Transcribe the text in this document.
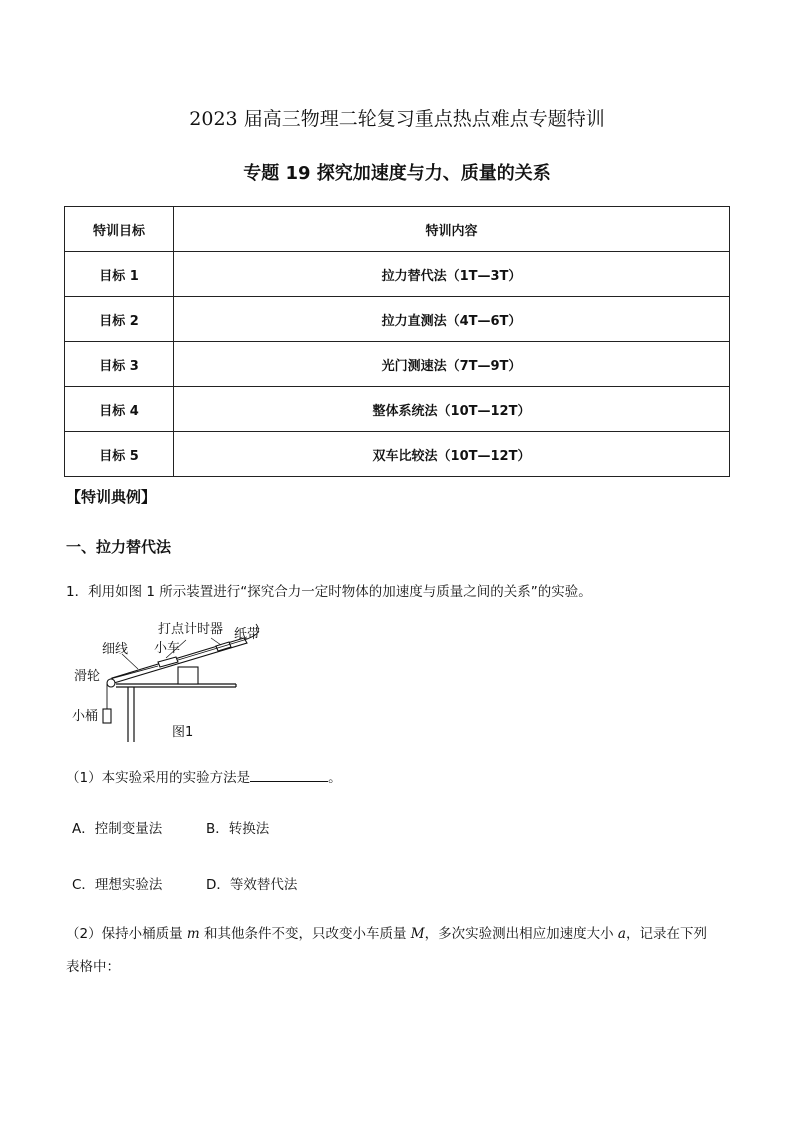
2023 届高三物理二轮复习重点热点难点专题特训
专题 19 探究加速度与力、质量的关系
特训目标	特训内容
目标 1	拉力替代法（1T—3T）
目标 2	拉力直测法（4T—6T）
目标 3	光门测速法（7T—9T）
目标 4	整体系统法（10T—12T）
目标 5	双车比较法（10T—12T）
【特训典例】
一、拉力替代法
1．利用如图 1 所示装置进行“探究合力一定时物体的加速度与质量之间的关系”的实验。
打点计时器 纸带
细线 小车
滑轮
小桶
图1
（1）本实验采用的实验方法是	。
A．控制变量法	B．转换法
C．理想实验法	D．等效替代法
（2）保持小桶质量 m 和其他条件不变，只改变小车质量 M，多次实验测出相应加速度大小 a，记录在下列
表格中：
